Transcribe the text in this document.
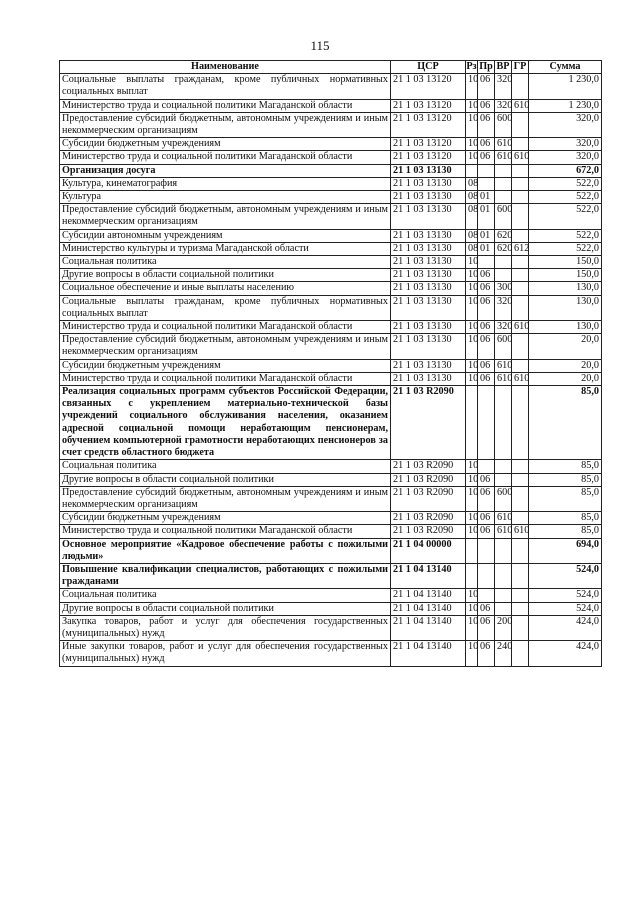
115
Наименование	ЦСР	Рз	Пр	ВР	ГР	Сумма
Социальные выплаты гражданам, кроме публичных нормативных социальных выплат	21 1 03 13120	10	06	320		1 230,0
Министерство труда и социальной политики Магаданской области	21 1 03 13120	10	06	320	610	1 230,0
Предоставление субсидий бюджетным, автономным учреждениям и иным некоммерческим организациям	21 1 03 13120	10	06	600		320,0
Субсидии бюджетным учреждениям	21 1 03 13120	10	06	610		320,0
Министерство труда и социальной политики Магаданской области	21 1 03 13120	10	06	610	610	320,0
Организация досуга	21 1 03 13130					672,0
Культура, кинематография	21 1 03 13130	08				522,0
Культура	21 1 03 13130	08	01			522,0
Предоставление субсидий бюджетным, автономным учреждениям и иным некоммерческим организациям	21 1 03 13130	08	01	600		522,0
Субсидии автономным учреждениям	21 1 03 13130	08	01	620		522,0
Министерство культуры и туризма Магаданской области	21 1 03 13130	08	01	620	612	522,0
Социальная политика	21 1 03 13130	10				150,0
Другие вопросы в области социальной политики	21 1 03 13130	10	06			150,0
Социальное обеспечение и иные выплаты населению	21 1 03 13130	10	06	300		130,0
Социальные выплаты гражданам, кроме публичных нормативных социальных выплат	21 1 03 13130	10	06	320		130,0
Министерство труда и социальной политики Магаданской области	21 1 03 13130	10	06	320	610	130,0
Предоставление субсидий бюджетным, автономным учреждениям и иным некоммерческим организациям	21 1 03 13130	10	06	600		20,0
Субсидии бюджетным учреждениям	21 1 03 13130	10	06	610		20,0
Министерство труда и социальной политики Магаданской области	21 1 03 13130	10	06	610	610	20,0
Реализация социальных программ субъектов Российской Федерации, связанных с укреплением материально-технической базы учреждений социального обслуживания населения, оказанием адресной социальной помощи неработающим пенсионерам, обучением компьютерной грамотности неработающих пенсионеров за счет средств областного бюджета	21 1 03 R2090					85,0
Социальная политика	21 1 03 R2090	10				85,0
Другие вопросы в области социальной политики	21 1 03 R2090	10	06			85,0
Предоставление субсидий бюджетным, автономным учреждениям и иным некоммерческим организациям	21 1 03 R2090	10	06	600		85,0
Субсидии бюджетным учреждениям	21 1 03 R2090	10	06	610		85,0
Министерство труда и социальной политики Магаданской области	21 1 03 R2090	10	06	610	610	85,0
Основное мероприятие «Кадровое обеспечение работы с пожилыми людьми»	21 1 04 00000					694,0
Повышение квалификации специалистов, работающих с пожилыми гражданами	21 1 04 13140					524,0
Социальная политика	21 1 04 13140	10				524,0
Другие вопросы в области социальной политики	21 1 04 13140	10	06			524,0
Закупка товаров, работ и услуг для обеспечения государственных (муниципальных) нужд	21 1 04 13140	10	06	200		424,0
Иные закупки товаров, работ и услуг для обеспечения государственных (муниципальных) нужд	21 1 04 13140	10	06	240		424,0
